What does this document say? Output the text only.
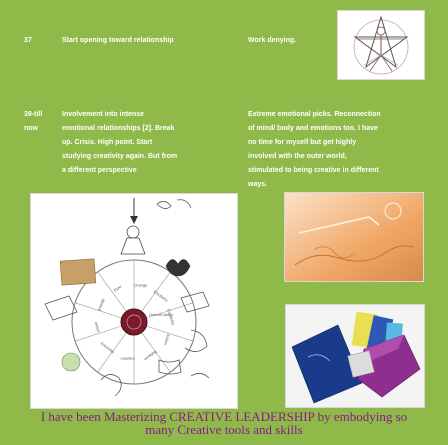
37	Start opening toward relationship	Work denying.
39-till
now
Involvement into intense
emotional relationships [2]. Break
up. Crisis. High point. Start
studying creativity again. But from
a different perspective
Extreme emotional picks. Reconnection
of mind/ body and emotions too. I have
no time for myself but get highly
involved with the outer world,
stimulated to being creative in different
ways.
Change
Emotions
Creativity
Action
Balance
Intuition
Harmony
Vision
Energy
Flow
Overall vision
I have been Masterizing CREATIVE LEADERSHIP by embodying so
many Creative tools and skills
